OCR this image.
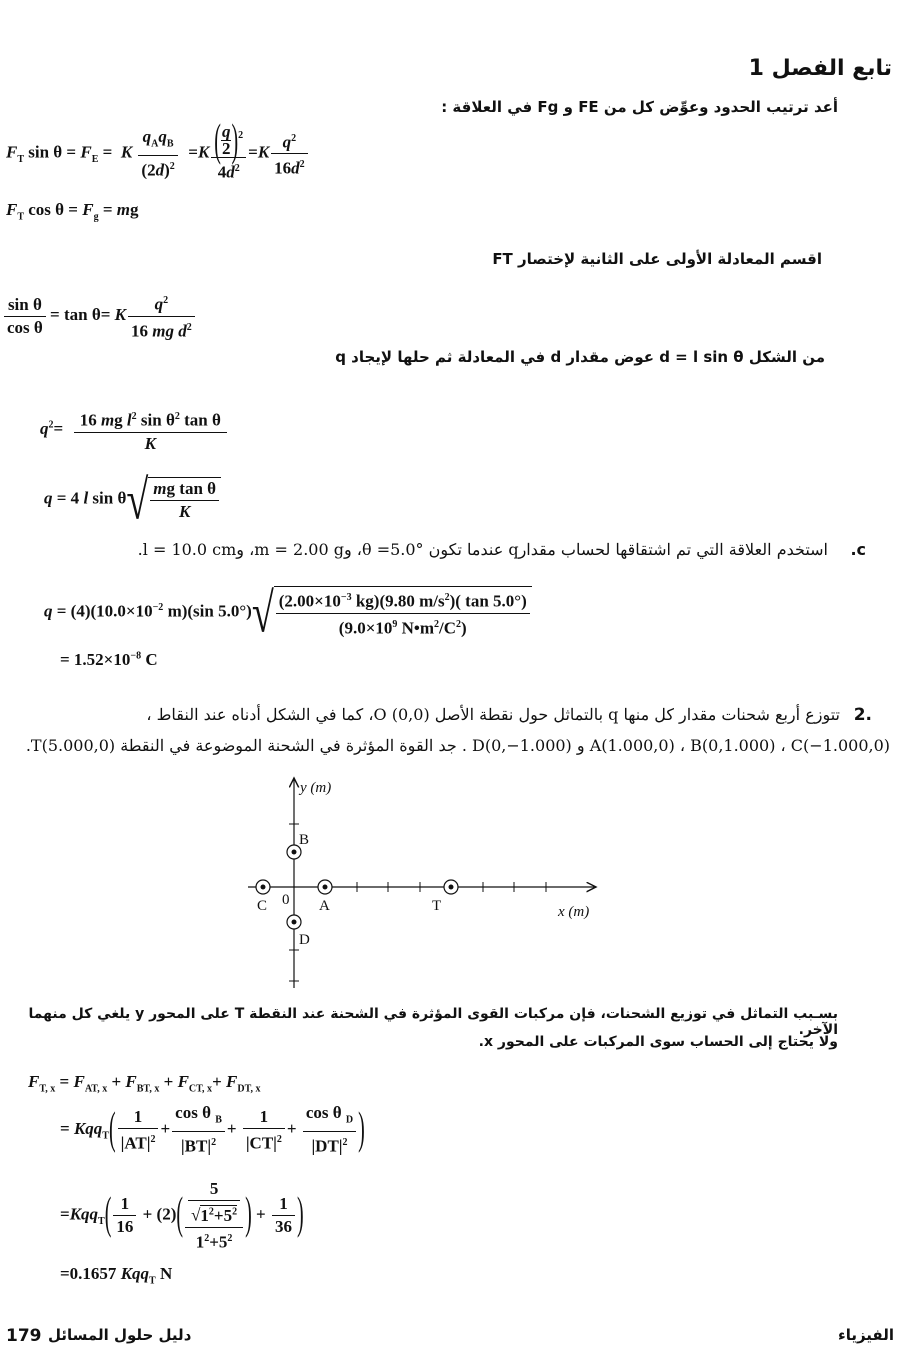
تابع الفصل 1
أعد ترتيب الحدود وعوِّض كل من FE و Fg في العلاقة :
$F_T$ $\sin \theta = F_E = K \frac{q_Aq_B}{(2d)^2} =K \frac{( \frac{q}{2} )^2}{4d^2} =K \frac{q^2}{16d^2}$
$F_T$ $\cos \theta = F_g$ = mg
اقسم المعادلة الأولى على الثانية لإختصار FT
$\frac{\text{sin θ}}{\text{cos θ}} = \tan \theta= K \frac{q^2}{16 mg d^2}$
من الشكل d = l sin θ عوض مقدار d في المعادلة ثم حلها لإيجاد q
$q^2= \frac{16 mg l^2 \sin \theta^2 \tan \theta}{K}$
q = 4 l $\sin \theta√ \frac{\text{mg tan θ}}{K}$
c.
استخدم العلاقة التي تم اشتقاقها لحساب مقدارq عندما تكون θ =5.0°، وm = 2.00 g، وl = 10.0 cm.
$q = (4)(10.0\times 10^{-2}$ m)(sin $5.0^\circ)√ \frac{(2.00\times 10^{-3} kg)(9.80 m/s^2)( \tan 5.0^\circ)}{(9.0\times 10^9 N•m^2/C^2)}$
= $1.52\times 10^{-8}$ C
.2
تتوزع أربع شحنات مقدار كل منها q بالتماثل حول نقطة الأصل O (0,0)، كما في الشكل أدناه عند النقاط ،
A(1.000,0) ، B(0,1.000) ، C(−1.000,0) و D(0,−1.000) . جد القوة المؤثرة في الشحنة الموضوعة في النقطة T(5.000,0).
y (m)
x (m)
B
C 0 A	T
D
بسـبب التماثل في توزيع الشحنات، فإن مركبات القوى المؤثرة في الشحنة عند النقطة T على المحور y يلغي كل منهما الآخر.
ولا يحتاج إلى الحساب سوى المركبات على المحور x.
$F_{T, x} = F_{AT, x} + F_{BT, x} + F_{CT, x}+ F_{DT, x}$
= $Kqq_T( \frac{1}{|AT|^2} + \frac{\cos \theta _B}{|BT|^2} + \frac{1}{|CT|^2} + \frac{\cos \theta _D}{|DT|^2}$ )
$=Kqq_T( \frac{1}{16} + (2)( \frac{\frac{5}{√1^2+5^2}}{1^2+5^2}$ ) + $\frac{1}{36}$ )
=0.1657 Kqq$_T$ N
179 دليل حلول المسائل	الفيزياء
